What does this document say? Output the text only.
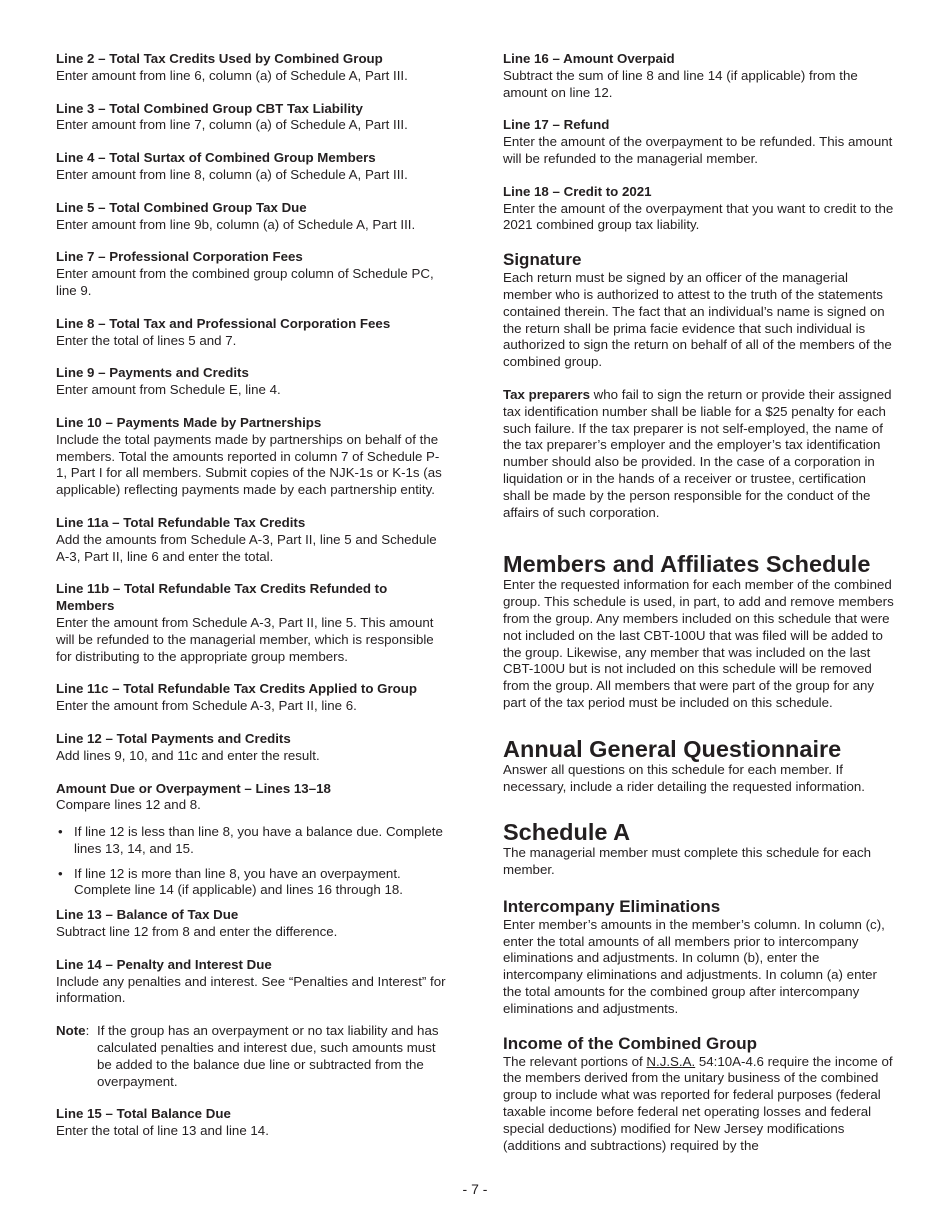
Line 2 – Total Tax Credits Used by Combined Group

Enter amount from line 6, column (a) of Schedule A, Part III.

Line 3 – Total Combined Group CBT Tax Liability

Enter amount from line 7, column (a) of Schedule A, Part III.

Line 4 – Total Surtax of Combined Group Members

Enter amount from line 8, column (a) of Schedule A, Part III.

Line 5 – Total Combined Group Tax Due

Enter amount from line 9b, column (a) of Schedule A, Part III.

Line 7 – Professional Corporation Fees

Enter amount from the combined group column of Schedule PC, line 9.

Line 8 – Total Tax and Professional Corporation Fees

Enter the total of lines 5 and 7.

Line 9 – Payments and Credits

Enter amount from Schedule E, line 4.

Line 10 – Payments Made by Partnerships

Include the total payments made by partnerships on behalf of the members. Total the amounts reported in column 7 of Schedule P-1, Part I for all members. Submit copies of the NJK-1s or K-1s (as applicable) reflecting payments made by each partnership entity.

Line 11a – Total Refundable Tax Credits

Add the amounts from Schedule A-3, Part II, line 5 and Schedule A-3, Part II, line 6 and enter the total.

Line 11b – Total Refundable Tax Credits Refunded to Members

Enter the amount from Schedule A-3, Part II, line 5. This amount will be refunded to the managerial member, which is responsible for distributing to the appropriate group members.

Line 11c – Total Refundable Tax Credits Applied to Group

Enter the amount from Schedule A-3, Part II, line 6.

Line 12 – Total Payments and Credits

Add lines 9, 10, and 11c and enter the result.

Amount Due or Overpayment – Lines 13–18

Compare lines 12 and 8.

• If line 12 is less than line 8, you have a balance due. Complete lines 13, 14, and 15.
• If line 12 is more than line 8, you have an overpayment. Complete line 14 (if applicable) and lines 16 through 18.
Line 13 – Balance of Tax Due

Subtract line 12 from 8 and enter the difference.

Line 14 – Penalty and Interest Due

Include any penalties and interest. See “Penalties and Interest” for information.

Note: If the group has an overpayment or no tax liability and has calculated penalties and interest due, such amounts must be added to the balance due line or subtracted from the overpayment.
Line 15 – Total Balance Due

Enter the total of line 13 and line 14.

Line 16 – Amount Overpaid

Subtract the sum of line 8 and line 14 (if applicable) from the amount on line 12.

Line 17 – Refund

Enter the amount of the overpayment to be refunded. This amount will be refunded to the managerial member.

Line 18 – Credit to 2021

Enter the amount of the overpayment that you want to credit to the 2021 combined group tax liability.

Signature

Each return must be signed by an officer of the managerial member who is authorized to attest to the truth of the statements contained therein. The fact that an individual’s name is signed on the return shall be prima facie evidence that such individual is authorized to sign the return on behalf of all of the members of the combined group.

Tax preparers who fail to sign the return or provide their assigned tax identification number shall be liable for a $25 penalty for each such failure. If the tax preparer is not self-employed, the name of the tax preparer’s employer and the employer’s tax identification number should also be provided. In the case of a corporation in liquidation or in the hands of a receiver or trustee, certification shall be made by the person responsible for the conduct of the affairs of such corporation.

Members and Affiliates Schedule

Enter the requested information for each member of the combined group. This schedule is used, in part, to add and remove members from the group. Any members included on this schedule that were not included on the last CBT-100U that was filed will be added to the group. Likewise, any member that was included on the last CBT-100U but is not included on this schedule will be removed from the group. All members that were part of the group for any part of the tax period must be included on this schedule.

Annual General Questionnaire

Answer all questions on this schedule for each member. If necessary, include a rider detailing the requested information.

Schedule A

The managerial member must complete this schedule for each member.

Intercompany Eliminations

Enter member’s amounts in the member’s column. In column (c), enter the total amounts of all members prior to intercompany eliminations and adjustments. In column (b), enter the intercompany eliminations and adjustments. In column (a) enter the total amounts for the combined group after intercompany eliminations and adjustments.

Income of the Combined Group

The relevant portions of N.J.S.A. 54:10A-4.6 require the income of the members derived from the unitary business of the combined group to include what was reported for federal purposes (federal taxable income before federal net operating losses and federal special deductions) modified for New Jersey modifications (additions and subtractions) required by the

- 7 -
